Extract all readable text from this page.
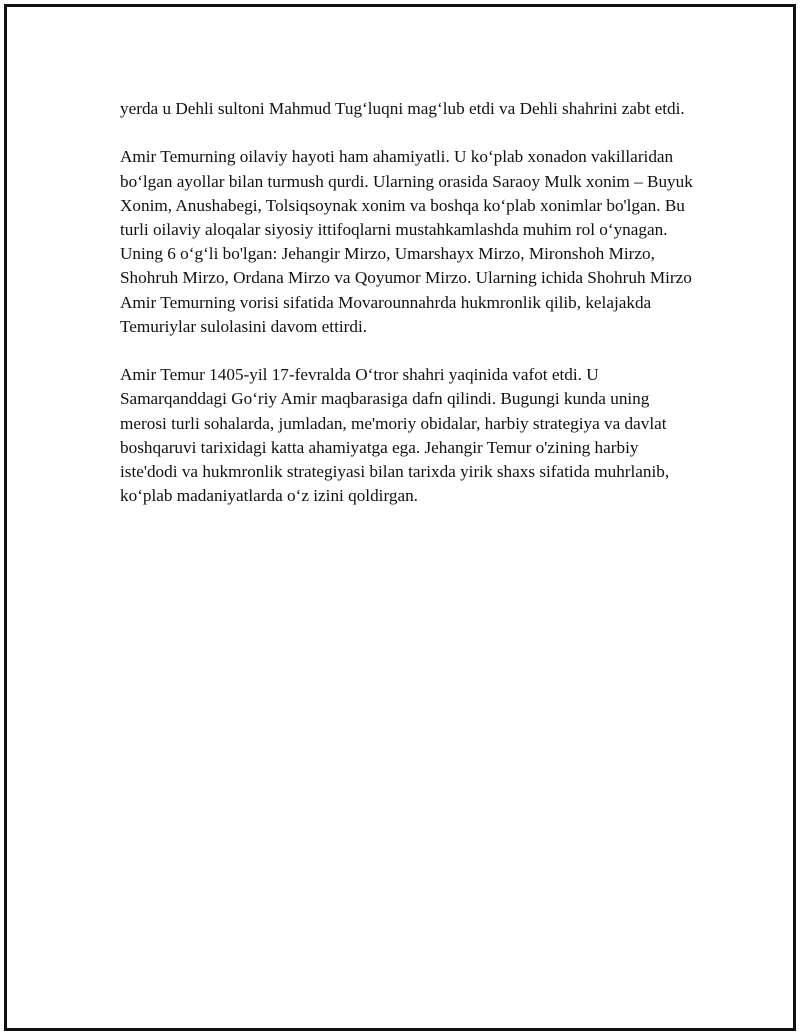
yerda u Dehli sultoni Mahmud Tug‘luqni mag‘lub etdi va Dehli shahrini zabt etdi.

Amir Temurning oilaviy hayoti ham ahamiyatli. U ko‘plab xonadon vakillaridan bo‘lgan ayollar bilan turmush qurdi. Ularning orasida Saraoy Mulk xonim – Buyuk Xonim, Anushabegi, Tolsiqsoynak xonim va boshqa ko‘plab xonimlar bo'lgan. Bu turli oilaviy aloqalar siyosiy ittifoqlarni mustahkamlashda muhim rol o‘ynagan. Uning 6 o‘g‘li bo'lgan: Jehangir Mirzo, Umarshayx Mirzo, Mironshoh Mirzo, Shohruh Mirzo, Ordana Mirzo va Qoyumor Mirzo. Ularning ichida Shohruh Mirzo Amir Temurning vorisi sifatida Movarounnahrda hukmronlik qilib, kelajakda Temuriylar sulolasini davom ettirdi.

Amir Temur 1405-yil 17-fevralda O‘tror shahri yaqinida vafot etdi. U Samarqanddagi Go‘riy Amir maqbarasiga dafn qilindi. Bugungi kunda uning merosi turli sohalarda, jumladan, me'moriy obidalar, harbiy strategiya va davlat boshqaruvi tarixidagi katta ahamiyatga ega. Jehangir Temur o'zining harbiy iste'dodi va hukmronlik strategiyasi bilan tarixda yirik shaxs sifatida muhrlanib, ko‘plab madaniyatlarda o‘z izini qoldirgan.
